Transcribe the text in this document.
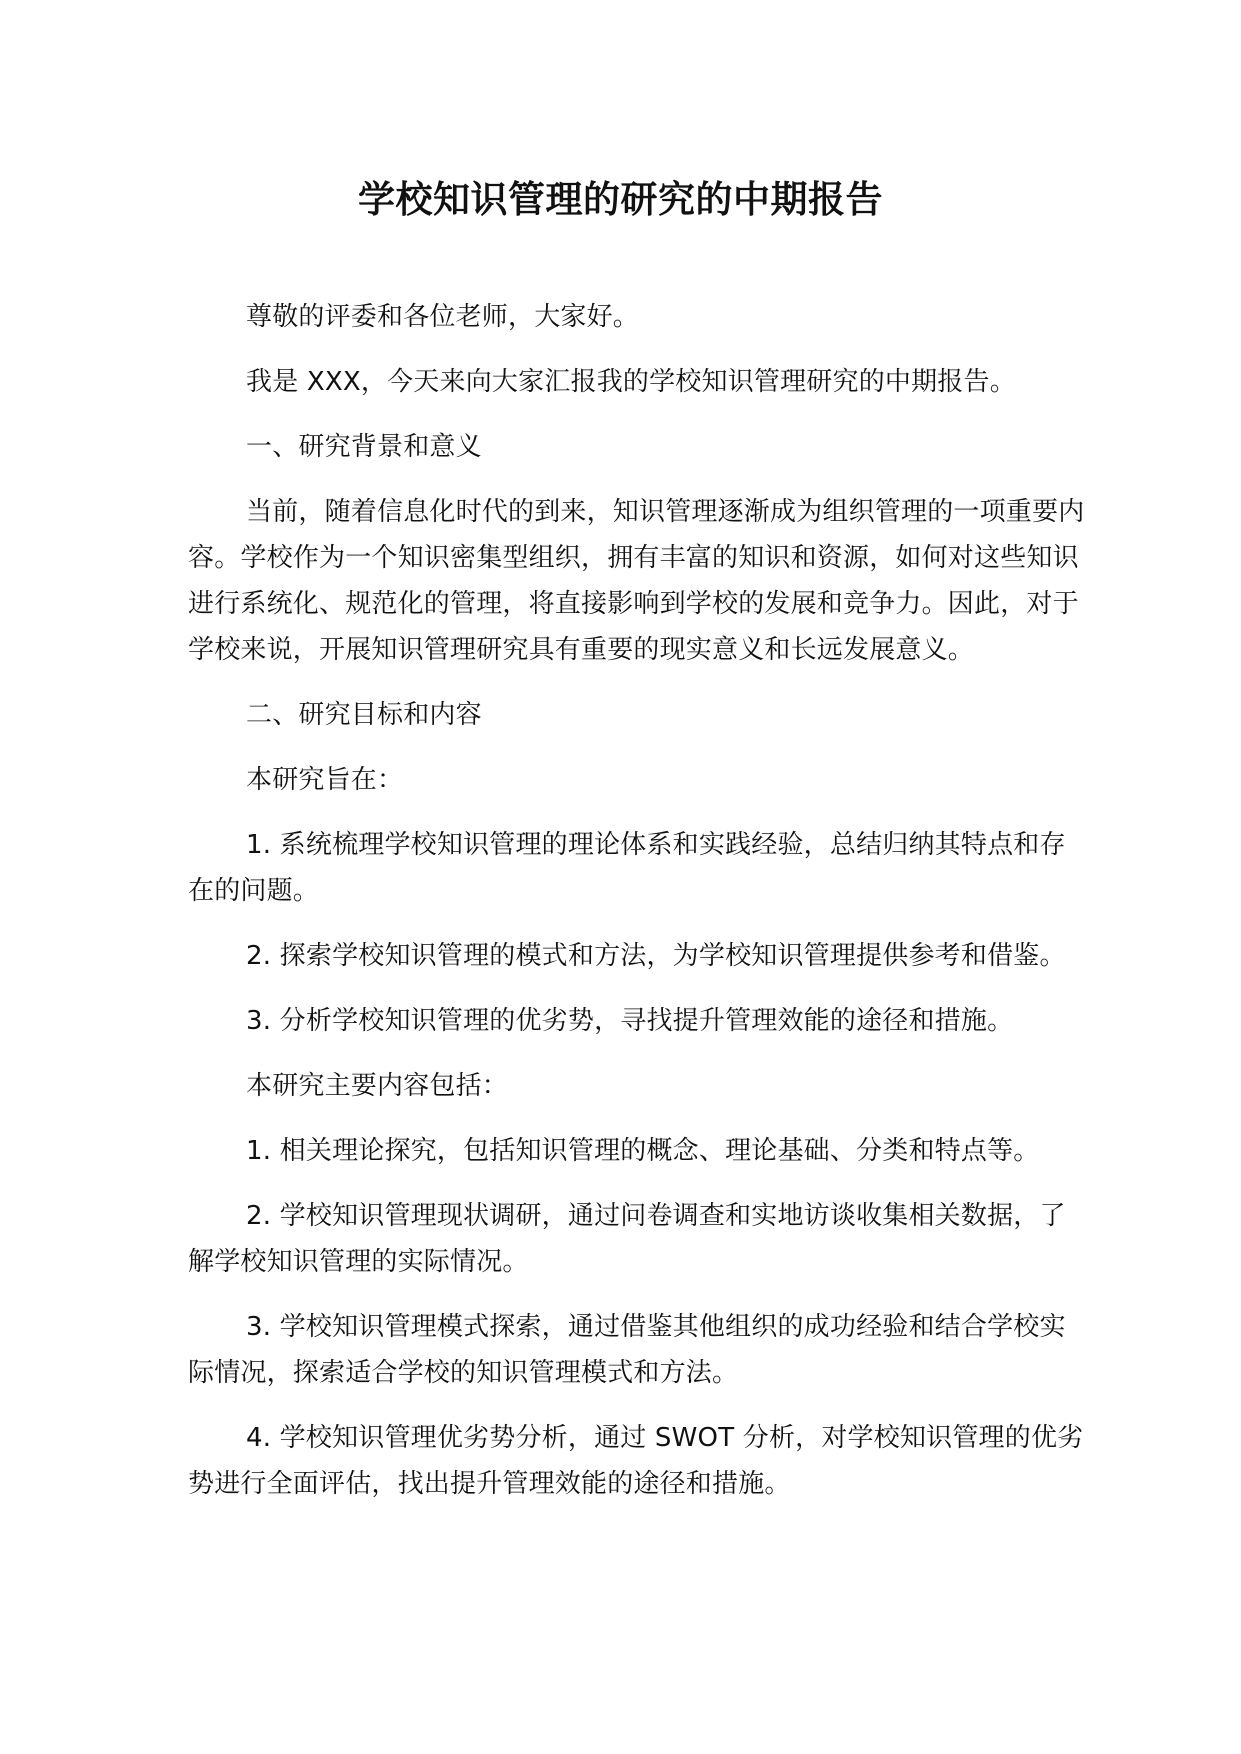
学校知识管理的研究的中期报告

尊敬的评委和各位老师，大家好。

我是 XXX，今天来向大家汇报我的学校知识管理研究的中期报告。

一、研究背景和意义

当前，随着信息化时代的到来，知识管理逐渐成为组织管理的一项重要内容。学校作为一个知识密集型组织，拥有丰富的知识和资源，如何对这些知识进行系统化、规范化的管理，将直接影响到学校的发展和竞争力。因此，对于学校来说，开展知识管理研究具有重要的现实意义和长远发展意义。

二、研究目标和内容

本研究旨在：

1. 系统梳理学校知识管理的理论体系和实践经验，总结归纳其特点和存在的问题。

2. 探索学校知识管理的模式和方法，为学校知识管理提供参考和借鉴。

3. 分析学校知识管理的优劣势，寻找提升管理效能的途径和措施。

本研究主要内容包括：

1. 相关理论探究，包括知识管理的概念、理论基础、分类和特点等。

2. 学校知识管理现状调研，通过问卷调查和实地访谈收集相关数据，了解学校知识管理的实际情况。

3. 学校知识管理模式探索，通过借鉴其他组织的成功经验和结合学校实际情况，探索适合学校的知识管理模式和方法。

4. 学校知识管理优劣势分析，通过 SWOT 分析，对学校知识管理的优劣势进行全面评估，找出提升管理效能的途径和措施。
